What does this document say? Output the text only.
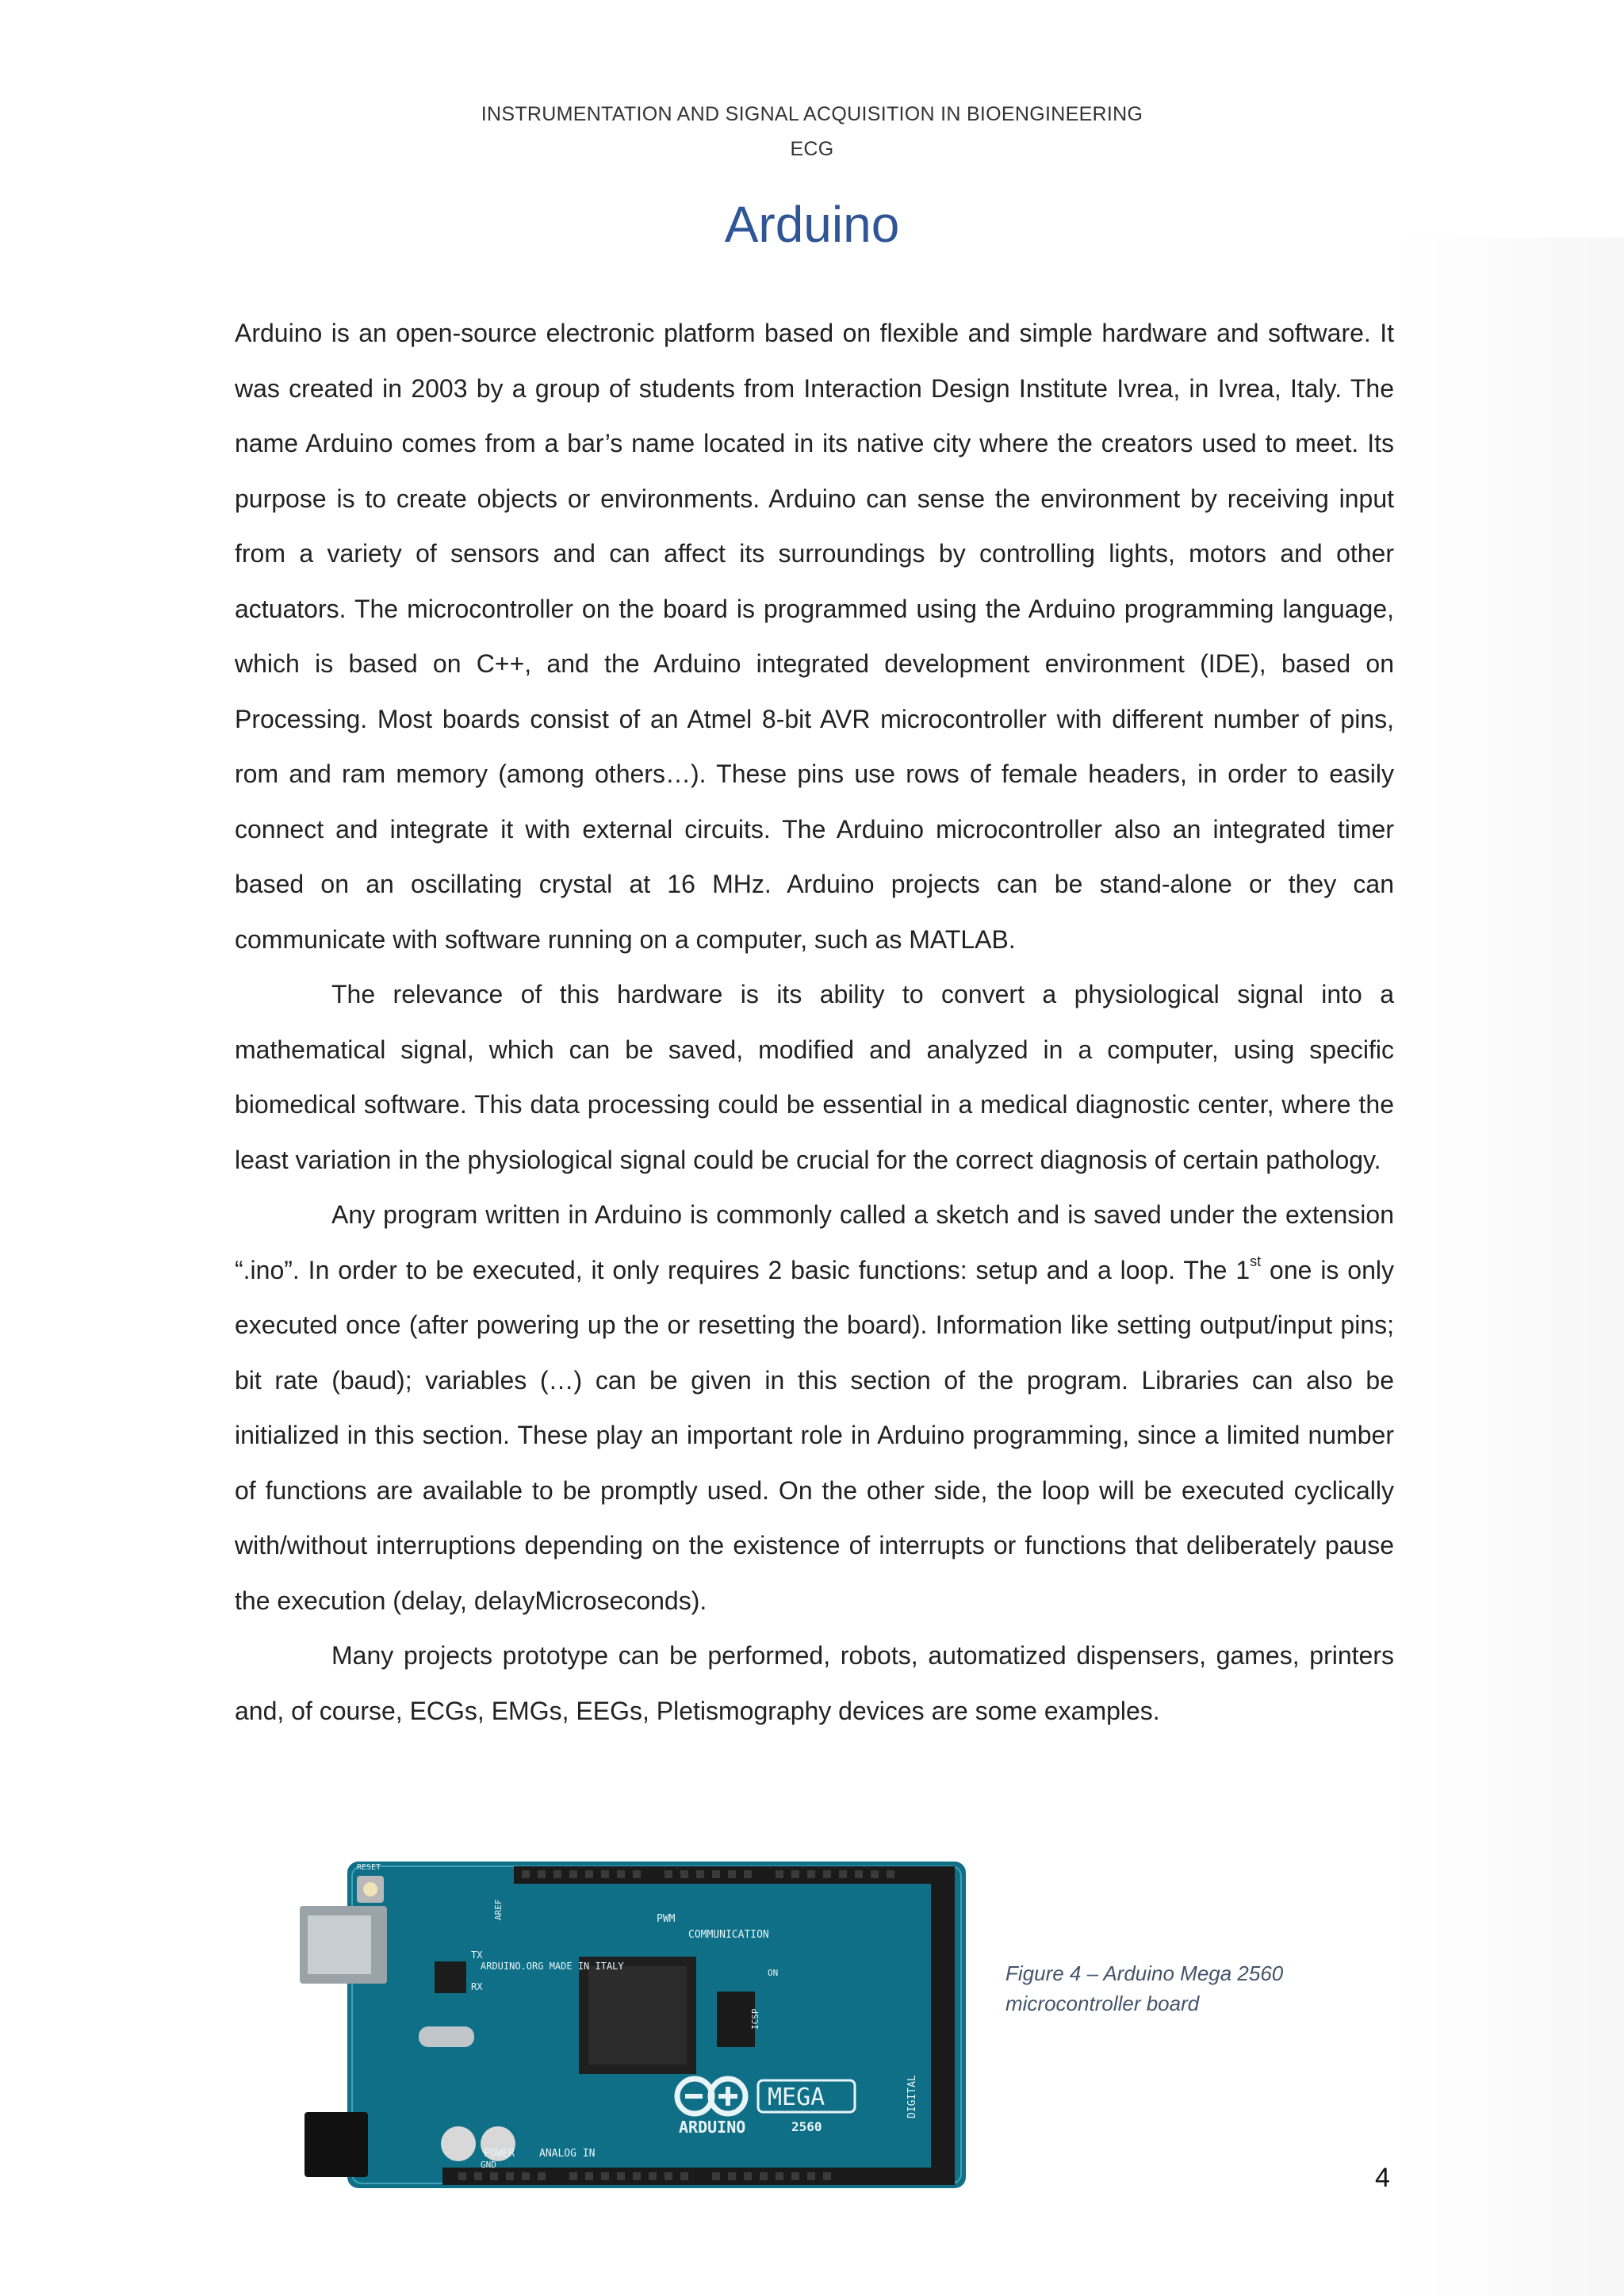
INSTRUMENTATION AND SIGNAL ACQUISITION IN BIOENGINEERING
ECG
Arduino

Arduino is an open-source electronic platform based on flexible and simple hardware and software. It was created in 2003 by a group of students from Interaction Design Institute Ivrea, in Ivrea, Italy. The name Arduino comes from a bar’s name located in its native city where the creators used to meet. Its purpose is to create objects or environments. Arduino can sense the environment by receiving input from a variety of sensors and can affect its surroundings by controlling lights, motors and other actuators. The microcontroller on the board is programmed using the Arduino programming language, which is based on C++, and the Arduino integrated development environment (IDE), based on Processing. Most boards consist of an Atmel 8-bit AVR microcontroller with different number of pins, rom and ram memory (among others…). These pins use rows of female headers, in order to easily connect and integrate it with external circuits. The Arduino microcontroller also an integrated timer based on an oscillating crystal at 16 MHz. Arduino projects can be stand-alone or they can communicate with software running on a computer, such as MATLAB.

The relevance of this hardware is its ability to convert a physiological signal into a mathematical signal, which can be saved, modified and analyzed in a computer, using specific biomedical software. This data processing could be essential in a medical diagnostic center, where the least variation in the physiological signal could be crucial for the correct diagnosis of certain pathology.

Any program written in Arduino is commonly called a sketch and is saved under the extension “.ino”. In order to be executed, it only requires 2 basic functions: setup and a loop. The 1st one is only executed once (after powering up the or resetting the board). Information like setting output/input pins; bit rate (baud); variables (…) can be given in this section of the program. Libraries can also be initialized in this section. These play an important role in Arduino programming, since a limited number of functions are available to be promptly used. On the other side, the loop will be executed cyclically with/without interruptions depending on the existence of interrupts or functions that deliberately pause the execution (delay, delayMicroseconds).

Many projects prototype can be performed, robots, automatized dispensers, games, printers and, of course, ECGs, EMGs, EEGs, Pletismography devices are some examples.

ARDUINO
MEGA
2560
COMMUNICATION
PWM
POWER ANALOG IN
DIGITAL
ARDUINO.ORG MADE IN ITALY
RESET
AREF
GND
ON
ICSP
TX
RX
Figure 4 – Arduino Mega 2560 microcontroller board
4
